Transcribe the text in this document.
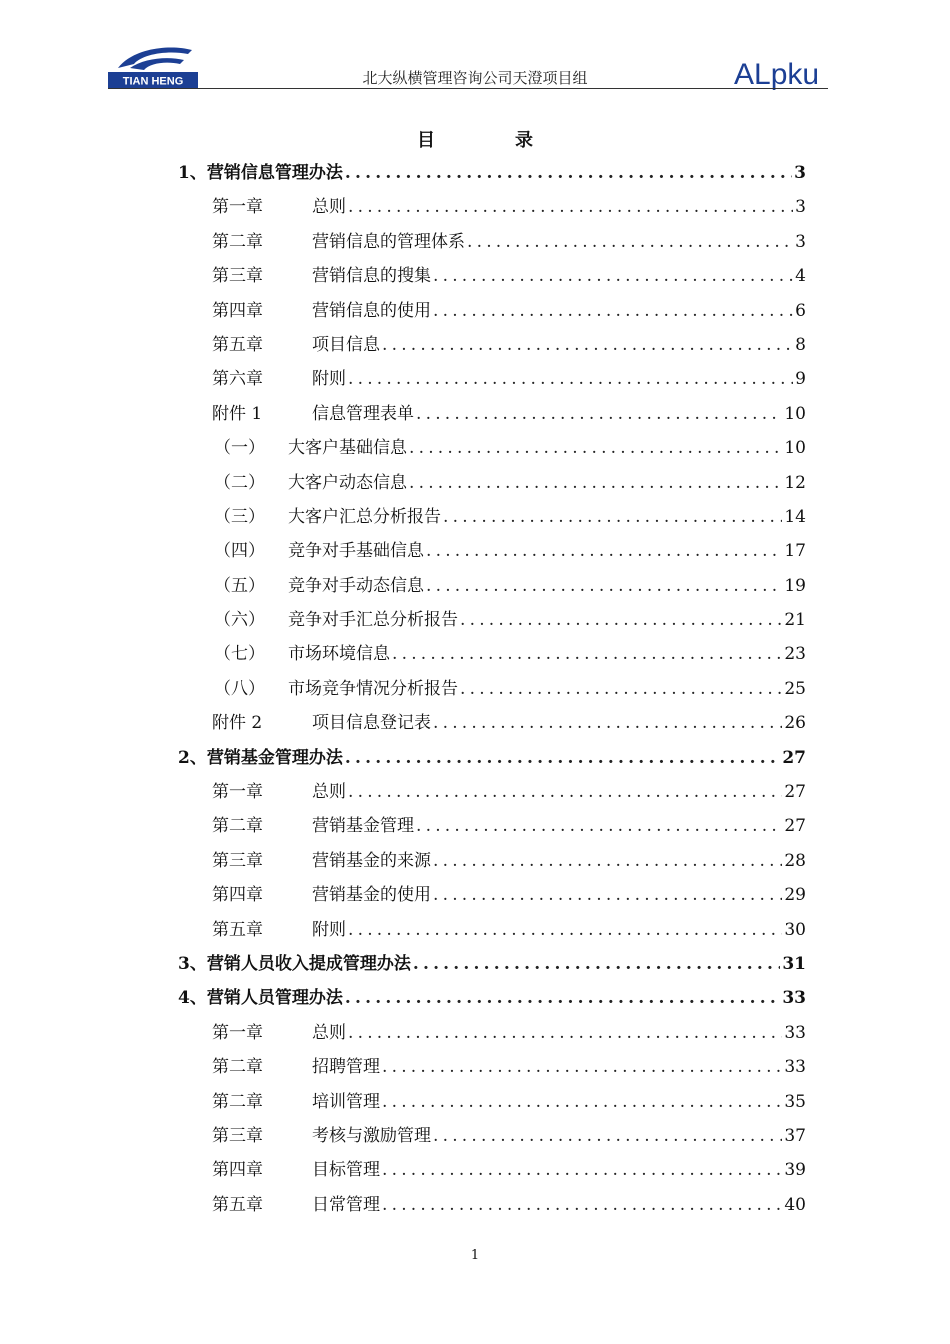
TIAN HENG	北大纵横管理咨询公司天澄项目组	ALpku
目录
1、营销信息管理办法 .....	3
第一章	总则 .....	3
第二章	营销信息的管理体系 .....	3
第三章	营销信息的搜集 .....	4
第四章	营销信息的使用 .....	6
第五章	项目信息 .....	8
第六章	附则 .....	9
附件 1	信息管理表单 .....	10
（一） 大客户基础信息 .....	10
（二） 大客户动态信息 .....	12
（三） 大客户汇总分析报告 .....	14
（四） 竞争对手基础信息 .....	17
（五） 竞争对手动态信息 .....	19
（六） 竞争对手汇总分析报告 .....	21
（七） 市场环境信息 .....	23
（八） 市场竞争情况分析报告 .....	25
附件 2	项目信息登记表 .....	26
2、营销基金管理办法 .....	27
第一章	总则 .....	27
第二章	营销基金管理 .....	27
第三章	营销基金的来源 .....	28
第四章	营销基金的使用 .....	29
第五章	附则 .....	30
3、营销人员收入提成管理办法 .....	31
4、营销人员管理办法 .....	33
第一章	总则 .....	33
第二章	招聘管理 .....	33
第二章	培训管理 .....	35
第三章	考核与激励管理 .....	37
第四章	目标管理 .....	39
第五章	日常管理 .....	40
1
